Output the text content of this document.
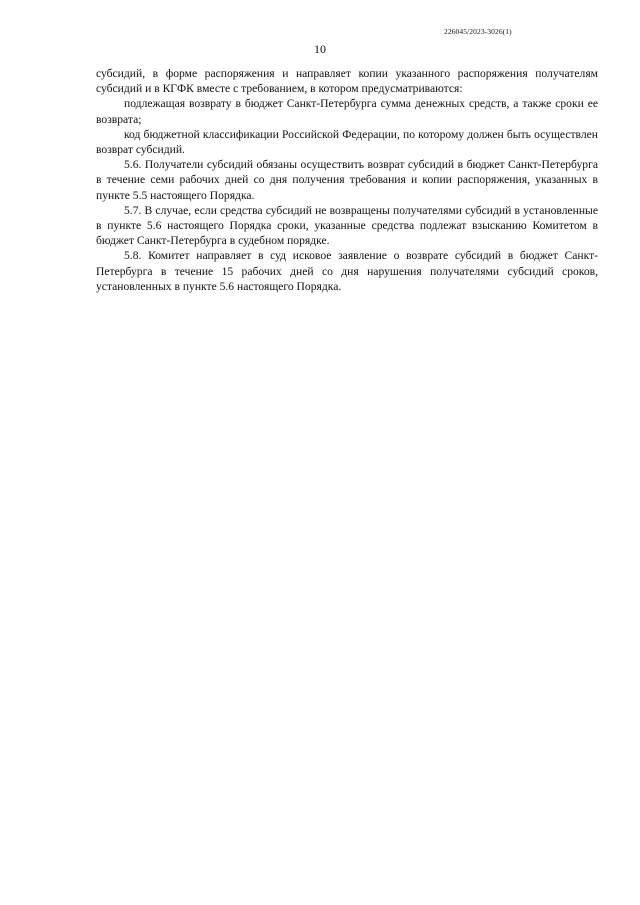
226045/2023-3026(1)
10

субсидий, в форме распоряжения и направляет копии указанного распоряжения получателям субсидий и в КГФК вместе с требованием, в котором предусматриваются:

подлежащая возврату в бюджет Санкт-Петербурга сумма денежных средств, а также сроки ее возврата;

код бюджетной классификации Российской Федерации, по которому должен быть осуществлен возврат субсидий.

5.6. Получатели субсидий обязаны осуществить возврат субсидий в бюджет Санкт-Петербурга в течение семи рабочих дней со дня получения требования и копии распоряжения, указанных в пункте 5.5 настоящего Порядка.

5.7. В случае, если средства субсидий не возвращены получателями субсидий в установленные в пункте 5.6 настоящего Порядка сроки, указанные средства подлежат взысканию Комитетом в бюджет Санкт-Петербурга в судебном порядке.

5.8. Комитет направляет в суд исковое заявление о возврате субсидий в бюджет Санкт-Петербурга в течение 15 рабочих дней со дня нарушения получателями субсидий сроков, установленных в пункте 5.6 настоящего Порядка.
